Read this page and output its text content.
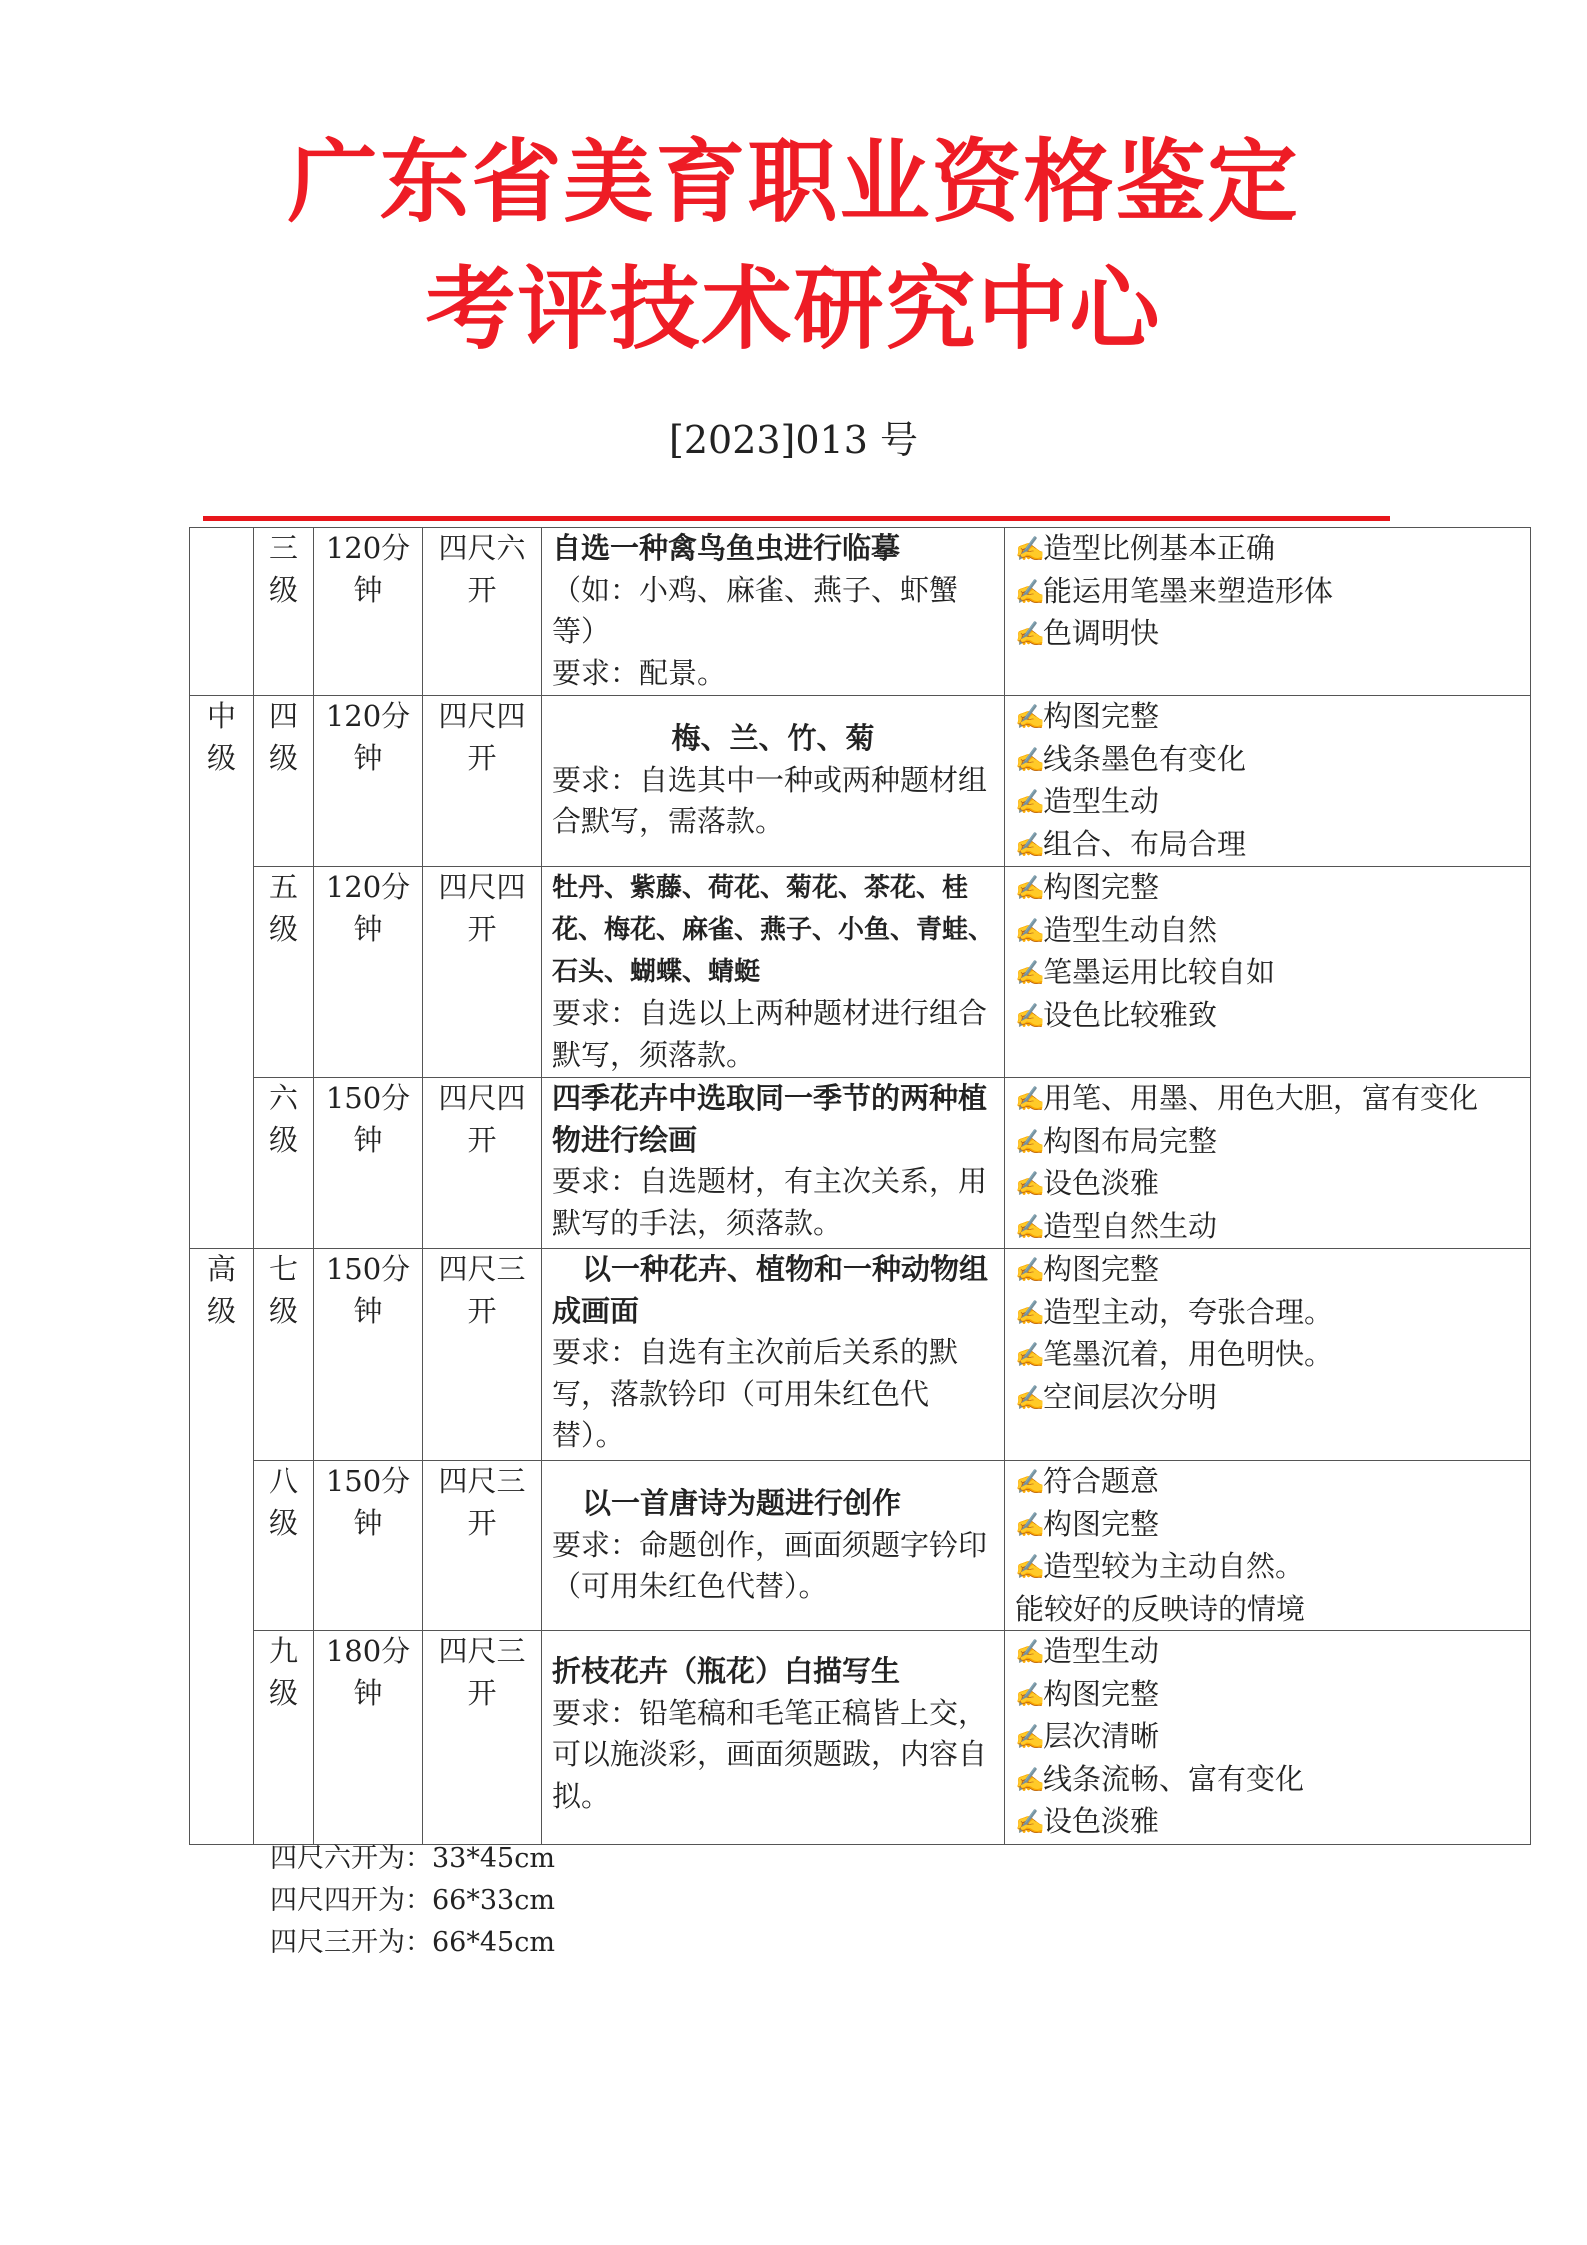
广东省美育职业资格鉴定
考评技术研究中心
[2023]013 号
	三级	120分钟	四尺六开	自选一种禽鸟鱼虫进行临摹
（如：小鸡、麻雀、燕子、虾蟹等）
要求：配景。	✍造型比例基本正确
✍能运用笔墨来塑造形体
✍色调明快

中级	四级	120分钟	四尺四开	梅、兰、竹、菊
要求：自选其中一种或两种题材组合默写，需落款。	✍构图完整
✍线条墨色有变化
✍造型生动
✍组合、布局合理

	五级	120分钟	四尺四开	牡丹、紫藤、荷花、菊花、茶花、桂花、梅花、麻雀、燕子、小鱼、青蛙、石头、蝴蝶、蜻蜓
要求：自选以上两种题材进行组合默写，须落款。	✍构图完整
✍造型生动自然
✍笔墨运用比较自如
✍设色比较雅致

	六级	150分钟	四尺四开	四季花卉中选取同一季节的两种植物进行绘画
要求：自选题材，有主次关系，用默写的手法，须落款。	✍用笔、用墨、用色大胆，富有变化
✍构图布局完整
✍设色淡雅
✍造型自然生动

高级	七级	150分钟	四尺三开	以一种花卉、植物和一种动物组成画面
要求：自选有主次前后关系的默写，落款钤印（可用朱红色代替）。	✍构图完整
✍造型主动，夸张合理。
✍笔墨沉着，用色明快。
✍空间层次分明

	八级	150分钟	四尺三开	以一首唐诗为题进行创作
要求：命题创作，画面须题字钤印（可用朱红色代替）。	✍符合题意
✍构图完整
✍造型较为主动自然。
能较好的反映诗的情境

	九级	180分钟	四尺三开	折枝花卉（瓶花）白描写生
要求：铅笔稿和毛笔正稿皆上交，可以施淡彩，画面须题跋，内容自拟。	✍造型生动
✍构图完整
✍层次清晰
✍线条流畅、富有变化
✍设色淡雅
四尺六开为：33*45cm
四尺四开为：66*33cm
四尺三开为：66*45cm
